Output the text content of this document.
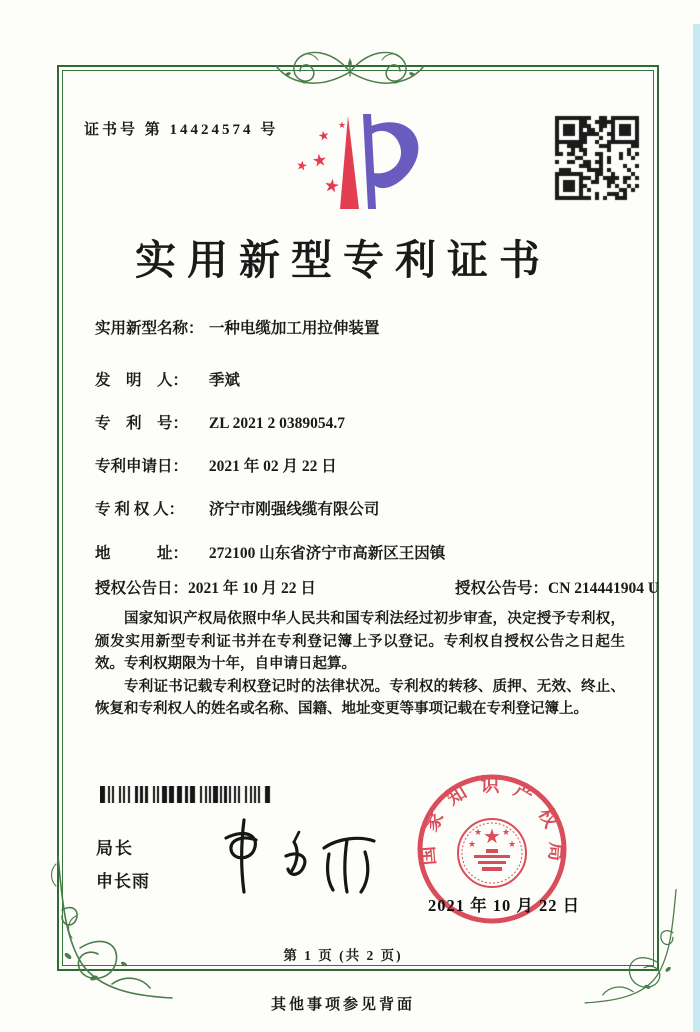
证书号 第 14424574 号	★
★
★ ★
★
实用新型专利证书
实用新型名称： 一种电缆加工用拉伸装置
发　明　人： 季斌
专　利　号： ZL 2021 2 0389054.7
专利申请日： 2021 年 02 月 22 日
专 利 权 人： 济宁市刚强线缆有限公司
地　　　址： 272100 山东省济宁市高新区王因镇
授权公告日：2021 年 10 月 22 日	授权公告号：CN 214441904 U

国家知识产权局依照中华人民共和国专利法经过初步审查，决定授予专利权，颁发实用新型专利证书并在专利登记簿上予以登记。专利权自授权公告之日起生效。专利权期限为十年，自申请日起算。

专利证书记载专利权登记时的法律状况。专利权的转移、质押、无效、终止、恢复和专利权人的姓名或名称、国籍、地址变更等事项记载在专利登记簿上。

局长
申长雨
国 家 知 识 产 权 局
★
★	★
★ ★
2021 年 10 月 22 日
第 1 页 (共 2 页)
其他事项参见背面
